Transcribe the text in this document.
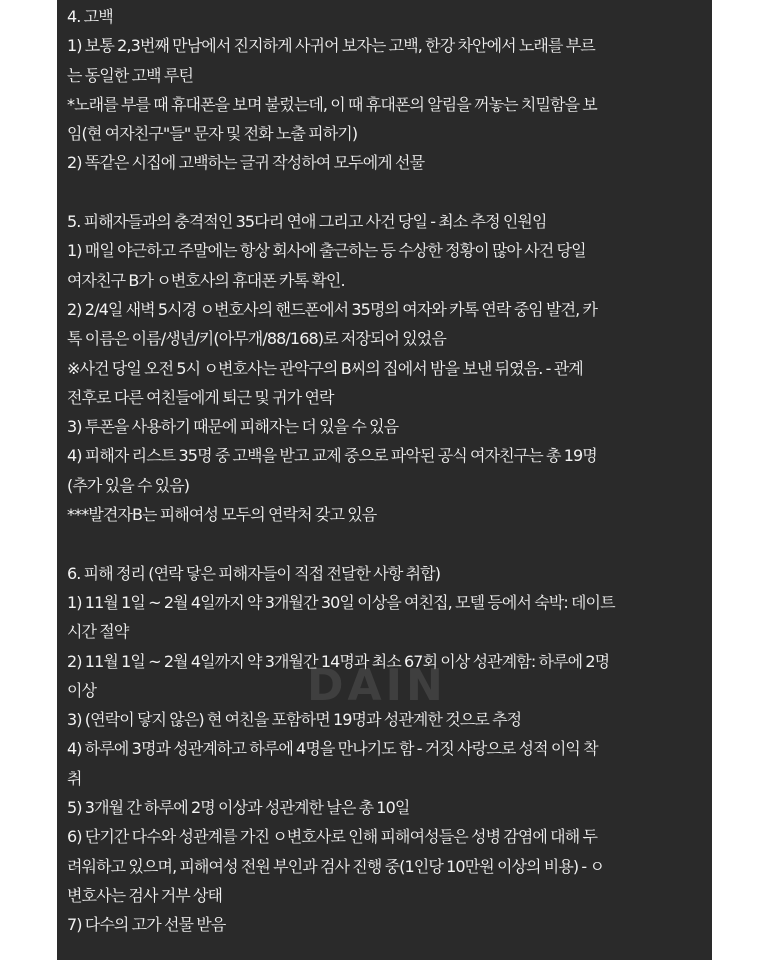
4. 고백
1) 보통 2,3번째 만남에서 진지하게 사귀어 보자는 고백, 한강 차안에서 노래를 부르
는 동일한 고백 루틴
*노래를 부를 때 휴대폰을 보며 불렀는데, 이 때 휴대폰의 알림을 꺼놓는 치밀함을 보
임(현 여자친구"들" 문자 및 전화 노출 피하기)
2) 똑같은 시집에 고백하는 글귀 작성하여 모두에게 선물
5. 피해자들과의 충격적인 35다리 연애 그리고 사건 당일 - 최소 추정 인원임
1) 매일 야근하고 주말에는 항상 회사에 출근하는 등 수상한 정황이 많아 사건 당일
여자친구 B가 ㅇ변호사의 휴대폰 카톡 확인.
2) 2/4일 새벽 5시경 ㅇ변호사의 핸드폰에서 35명의 여자와 카톡 연락 중임 발견, 카
톡 이름은 이름/생년/키(아무개/88/168)로 저장되어 있었음
※사건 당일 오전 5시 ㅇ변호사는 관악구의 B씨의 집에서 밤을 보낸 뒤였음. - 관계
전후로 다른 여친들에게 퇴근 및 귀가 연락
3) 투폰을 사용하기 때문에 피해자는 더 있을 수 있음
4) 피해자 리스트 35명 중 고백을 받고 교제 중으로 파악된 공식 여자친구는 총 19명
(추가 있을 수 있음)
***발견자B는 피해여성 모두의 연락처 갖고 있음
6. 피해 정리 (연락 닿은 피해자들이 직접 전달한 사항 취합)
1) 11월 1일 ~ 2월 4일까지 약 3개월간 30일 이상을 여친집, 모텔 등에서 숙박: 데이트
시간 절약
2) 11월 1일 ~ 2월 4일까지 약 3개월간 14명과 최소 67회 이상 성관계함: 하루에 2명
이상
3) (연락이 닿지 않은) 현 여친을 포함하면 19명과 성관계한 것으로 추정
4) 하루에 3명과 성관계하고 하루에 4명을 만나기도 함 - 거짓 사랑으로 성적 이익 착
취
5) 3개월 간 하루에 2명 이상과 성관계한 날은 총 10일
6) 단기간 다수와 성관계를 가진 ㅇ변호사로 인해 피해여성들은 성병 감염에 대해 두
려워하고 있으며, 피해여성 전원 부인과 검사 진행 중(1인당 10만원 이상의 비용) - ㅇ
변호사는 검사 거부 상태
7) 다수의 고가 선물 받음
DAIN
